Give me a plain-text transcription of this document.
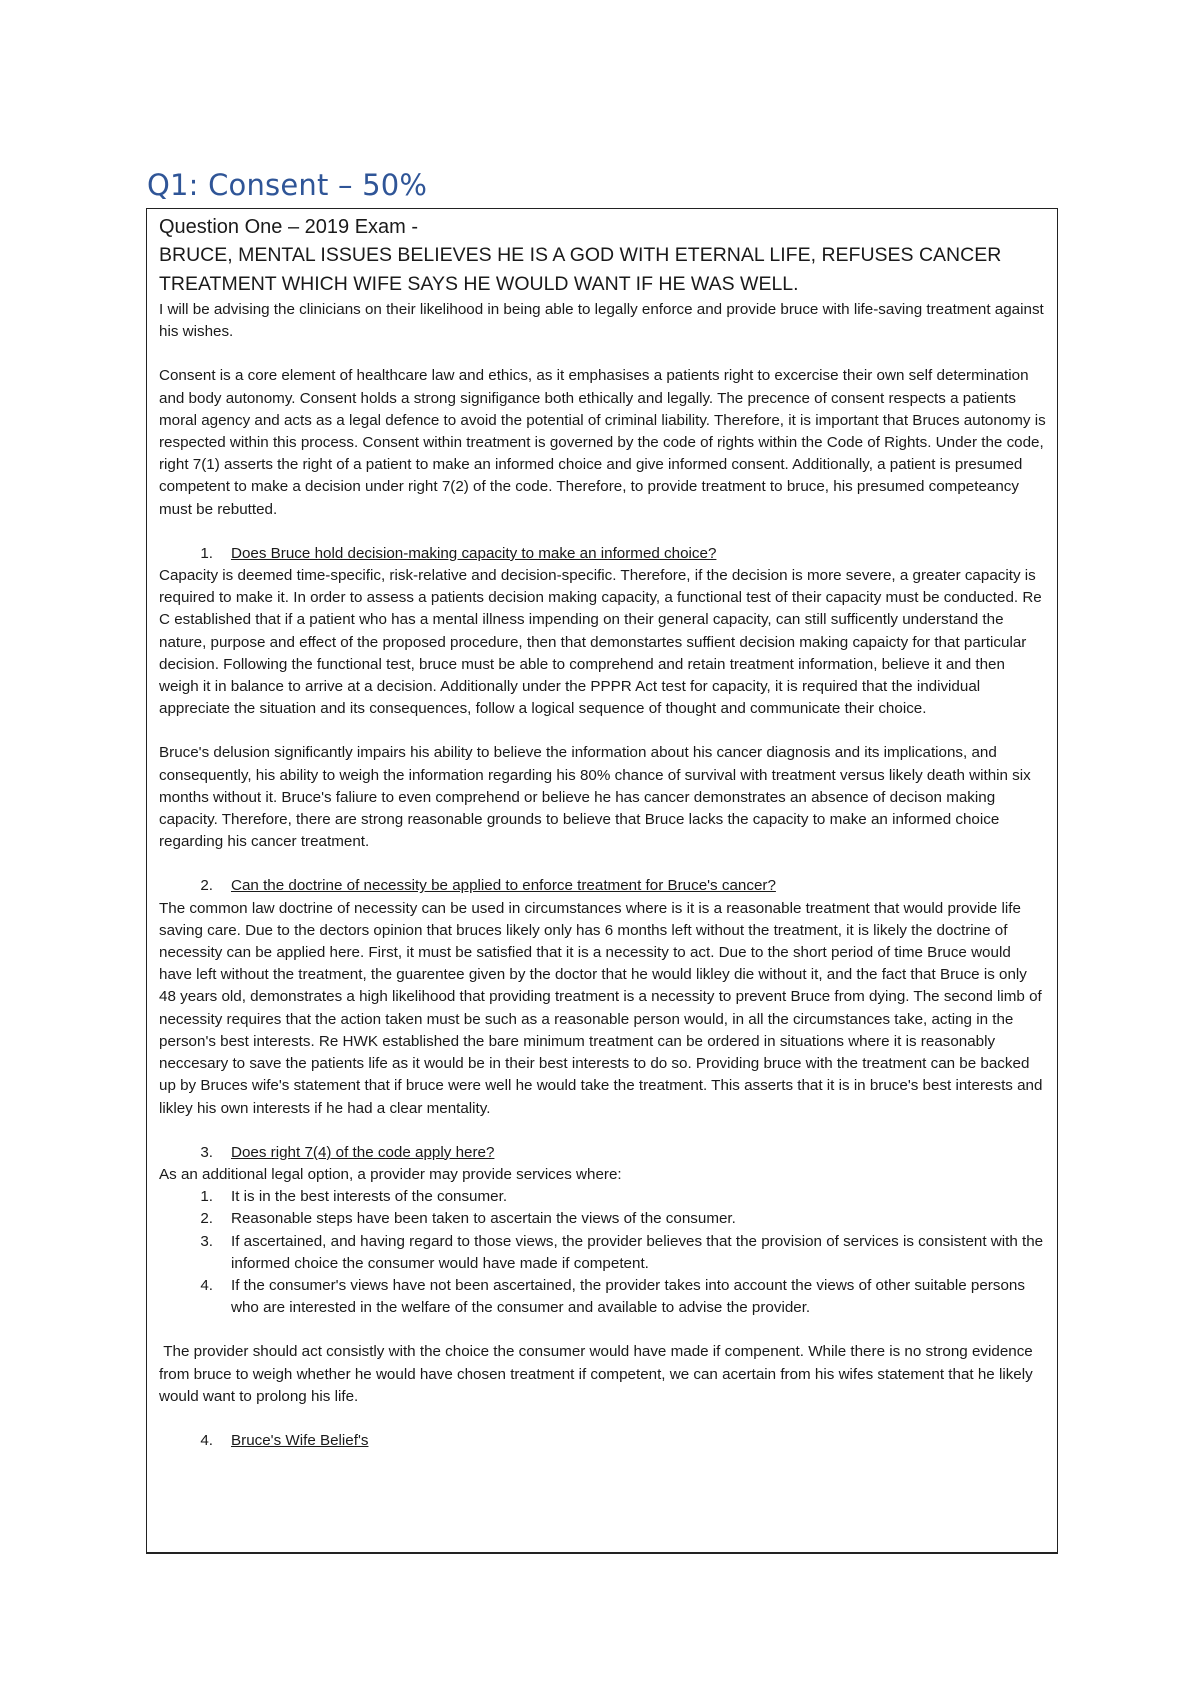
Q1: Consent – 50%
Question One – 2019 Exam -
BRUCE, MENTAL ISSUES BELIEVES HE IS A GOD WITH ETERNAL LIFE, REFUSES CANCER TREATMENT WHICH WIFE SAYS HE WOULD WANT IF HE WAS WELL.

I will be advising the clinicians on their likelihood in being able to legally enforce and provide bruce with life-saving treatment against his wishes.

Consent is a core element of healthcare law and ethics, as it emphasises a patients right to excercise their own self determination and body autonomy. Consent holds a strong signifigance both ethically and legally. The precence of consent respects a patients moral agency and acts as a legal defence to avoid the potential of criminal liability. Therefore, it is important that Bruces autonomy is respected within this process. Consent within treatment is governed by the code of rights within the Code of Rights. Under the code, right 7(1) asserts the right of a patient to make an informed choice and give informed consent. Additionally, a patient is presumed competent to make a decision under right 7(2) of the code. Therefore, to provide treatment to bruce, his presumed competeancy must be rebutted.

1.	Does Bruce hold decision-making capacity to make an informed choice?

Capacity is deemed time-specific, risk-relative and decision-specific. Therefore, if the decision is more severe, a greater capacity is required to make it. In order to assess a patients decision making capacity, a functional test of their capacity must be conducted. Re C established that if a patient who has a mental illness impending on their general capacity, can still sufficently understand the nature, purpose and effect of the proposed procedure, then that demonstartes suffient decision making capaicty for that particular decision. Following the functional test, bruce must be able to comprehend and retain treatment information, believe it and then weigh it in balance to arrive at a decision. Additionally under the PPPR Act test for capacity, it is required that the individual appreciate the situation and its consequences, follow a logical sequence of thought and communicate their choice.

Bruce's delusion significantly impairs his ability to believe the information about his cancer diagnosis and its implications, and consequently, his ability to weigh the information regarding his 80% chance of survival with treatment versus likely death within six months without it. Bruce's faliure to even comprehend or believe he has cancer demonstrates an absence of decison making capacity. Therefore, there are strong reasonable grounds to believe that Bruce lacks the capacity to make an informed choice regarding his cancer treatment.

2.	Can the doctrine of necessity be applied to enforce treatment for Bruce's cancer?

The common law doctrine of necessity can be used in circumstances where is it is a reasonable treatment that would provide life saving care. Due to the dectors opinion that bruces likely only has 6 months left without the treatment, it is likely the doctrine of necessity can be applied here. First, it must be satisfied that it is a necessity to act. Due to the short period of time Bruce would have left without the treatment, the guarentee given by the doctor that he would likley die without it, and the fact that Bruce is only 48 years old, demonstrates a high likelihood that providing treatment is a necessity to prevent Bruce from dying. The second limb of necessity requires that the action taken must be such as a reasonable person would, in all the circumstances take, acting in the person's best interests. Re HWK established the bare minimum treatment can be ordered in situations where it is reasonably neccesary to save the patients life as it would be in their best interests to do so. Providing bruce with the treatment can be backed up by Bruces wife's statement that if bruce were well he would take the treatment. This asserts that it is in bruce's best interests and likley his own interests if he had a clear mentality.

3.	Does right 7(4) of the code apply here?

As an additional legal option, a provider may provide services where:

1.	It is in the best interests of the consumer.
2.	Reasonable steps have been taken to ascertain the views of the consumer.
3.	If ascertained, and having regard to those views, the provider believes that the provision of services is consistent with the informed choice the consumer would have made if competent.
4.	If the consumer's views have not been ascertained, the provider takes into account the views of other suitable persons who are interested in the welfare of the consumer and available to advise the provider.

The provider should act consistly with the choice the consumer would have made if compenent. While there is no strong evidence from bruce to weigh whether he would have chosen treatment if competent, we can acertain from his wifes statement that he likely would want to prolong his life.

4.	Bruce's Wife Belief's
